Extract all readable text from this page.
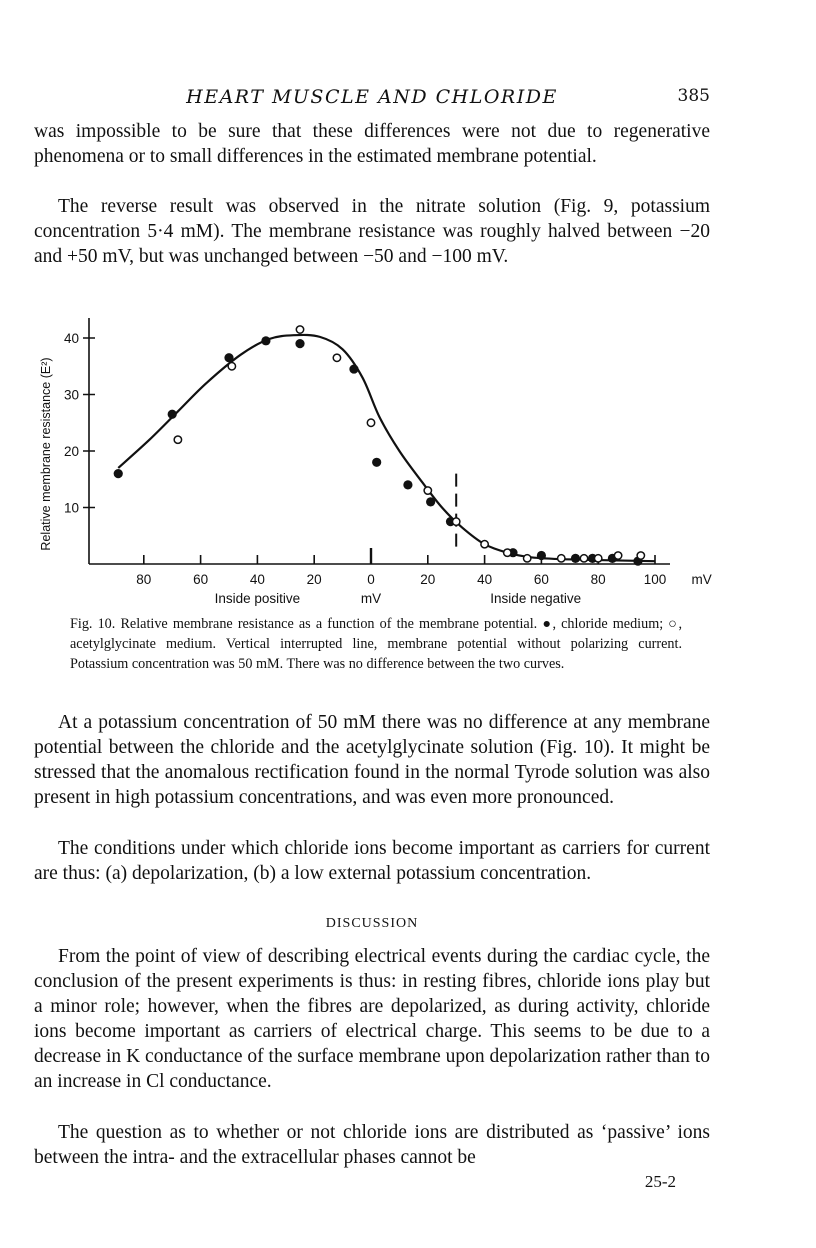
HEART MUSCLE AND CHLORIDE	385

was impossible to be sure that these differences were not due to regenerative phenomena or to small differences in the estimated membrane potential.

The reverse result was observed in the nitrate solution (Fig. 9, potassium concentration 5·4 mM). The membrane resistance was roughly halved between −20 and +50 mV, but was unchanged between −50 and −100 mV.

10
20
30
40
Relative membrane resistance (E²)
80	60	40	20	0	20	40	60	80	100 mV
Inside positive	mV	Inside negative

Fig. 10. Relative membrane resistance as a function of the membrane potential. ●, chloride medium; ○, acetylglycinate medium. Vertical interrupted line, membrane potential without polarizing current. Potassium concentration was 50 mM. There was no difference between the two curves.

At a potassium concentration of 50 mM there was no difference at any membrane potential between the chloride and the acetylglycinate solution (Fig. 10). It might be stressed that the anomalous rectification found in the normal Tyrode solution was also present in high potassium concentrations, and was even more pronounced.

The conditions under which chloride ions become important as carriers for current are thus: (a) depolarization, (b) a low external potassium concentration.

DISCUSSION

From the point of view of describing electrical events during the cardiac cycle, the conclusion of the present experiments is thus: in resting fibres, chloride ions play but a minor role; however, when the fibres are depolarized, as during activity, chloride ions become important as carriers of electrical charge. This seems to be due to a decrease in K conductance of the surface membrane upon depolarization rather than to an increase in Cl conductance.

The question as to whether or not chloride ions are distributed as ‘passive’ ions between the intra- and the extracellular phases cannot be

25-2
